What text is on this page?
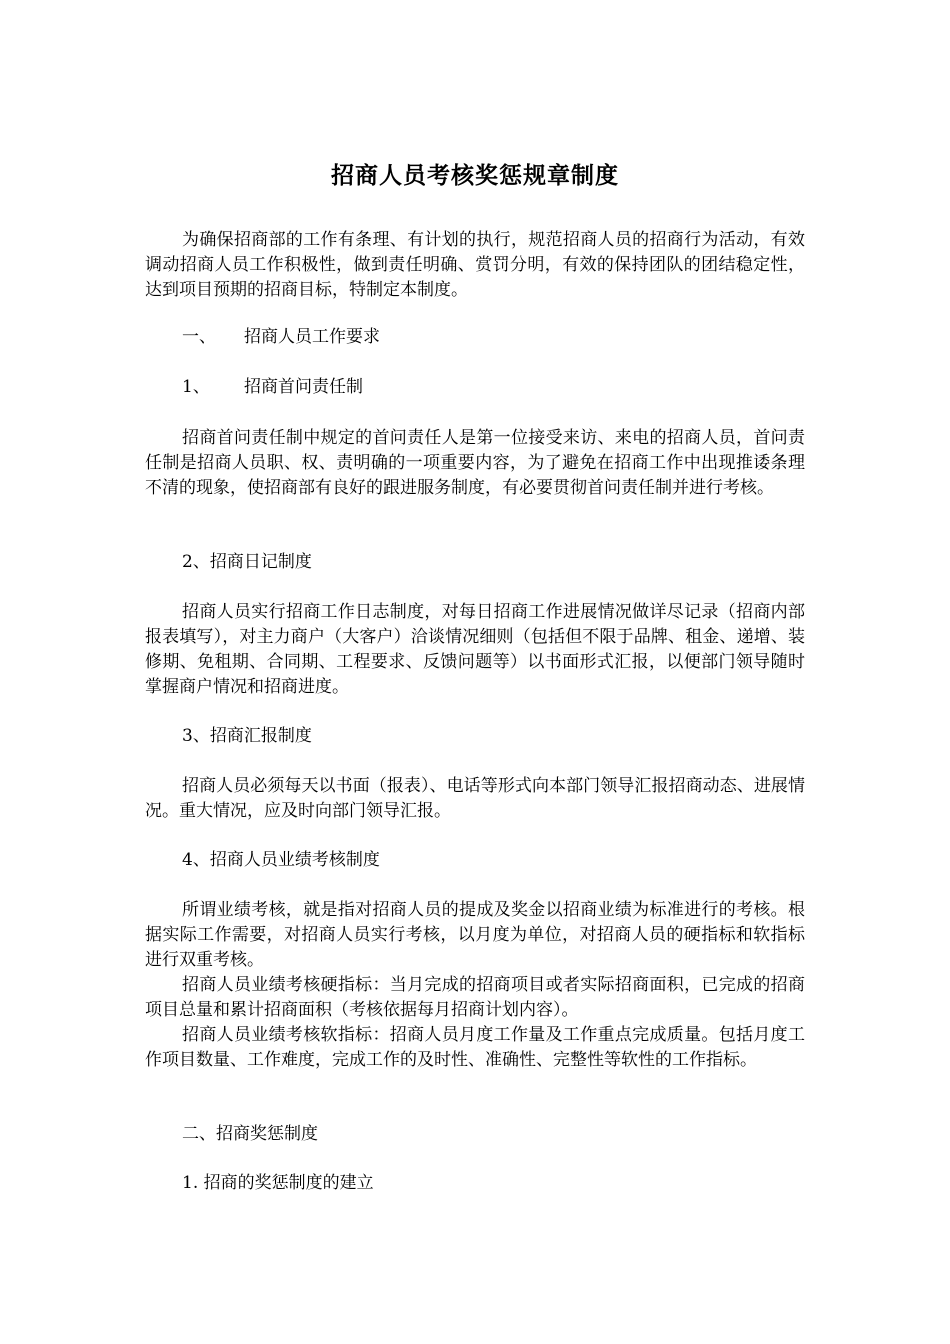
招商人员考核奖惩规章制度

为确保招商部的工作有条理、有计划的执行，规范招商人员的招商行为活动，有效调动招商人员工作积极性，做到责任明确、赏罚分明，有效的保持团队的团结稳定性，达到项目预期的招商目标，特制定本制度。

一、 招商人员工作要求
1、 招商首问责任制

招商首问责任制中规定的首问责任人是第一位接受来访、来电的招商人员，首问责任制是招商人员职、权、责明确的一项重要内容，为了避免在招商工作中出现推诿条理不清的现象，使招商部有良好的跟进服务制度，有必要贯彻首问责任制并进行考核。

2、招商日记制度

招商人员实行招商工作日志制度，对每日招商工作进展情况做详尽记录（招商内部报表填写），对主力商户（大客户）洽谈情况细则（包括但不限于品牌、租金、递增、装修期、免租期、合同期、工程要求、反馈问题等）以书面形式汇报，以便部门领导随时掌握商户情况和招商进度。

3、招商汇报制度

招商人员必须每天以书面（报表）、电话等形式向本部门领导汇报招商动态、进展情况。重大情况，应及时向部门领导汇报。

4、招商人员业绩考核制度

所谓业绩考核，就是指对招商人员的提成及奖金以招商业绩为标准进行的考核。根据实际工作需要，对招商人员实行考核，以月度为单位，对招商人员的硬指标和软指标进行双重考核。

招商人员业绩考核硬指标：当月完成的招商项目或者实际招商面积，已完成的招商项目总量和累计招商面积（考核依据每月招商计划内容）。

招商人员业绩考核软指标：招商人员月度工作量及工作重点完成质量。包括月度工作项目数量、工作难度，完成工作的及时性、准确性、完整性等软性的工作指标。

二、招商奖惩制度
1. 招商的奖惩制度的建立
